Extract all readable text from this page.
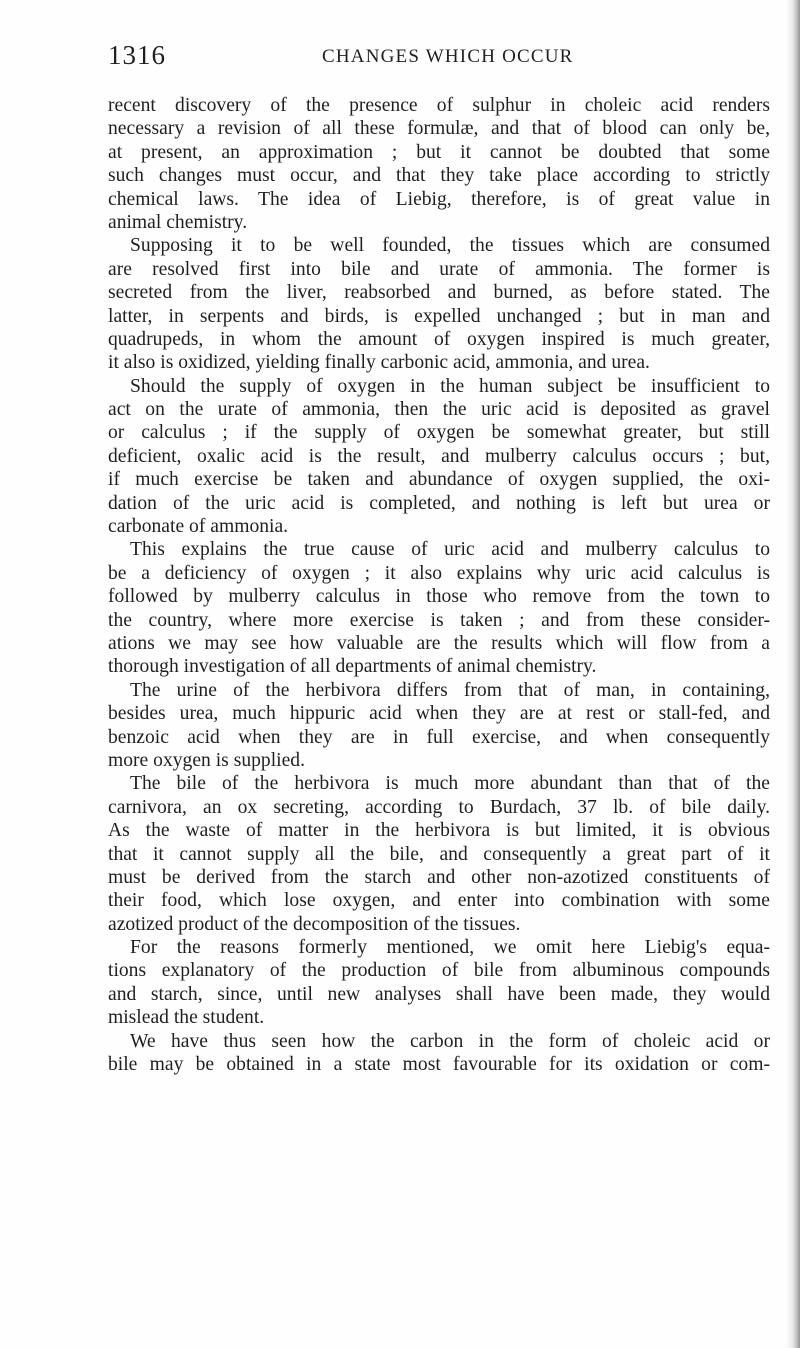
1316	CHANGES WHICH OCCUR
recent discovery of the presence of sulphur in choleic acid renders
necessary a revision of all these formulæ, and that of blood can only be,
at present, an approximation ; but it cannot be doubted that some
such changes must occur, and that they take place according to strictly
chemical laws. The idea of Liebig, therefore, is of great value in
animal chemistry.
Supposing it to be well founded, the tissues which are consumed
are resolved first into bile and urate of ammonia. The former is
secreted from the liver, reabsorbed and burned, as before stated. The
latter, in serpents and birds, is expelled unchanged ; but in man and
quadrupeds, in whom the amount of oxygen inspired is much greater,
it also is oxidized, yielding finally carbonic acid, ammonia, and urea.
Should the supply of oxygen in the human subject be insufficient to
act on the urate of ammonia, then the uric acid is deposited as gravel
or calculus ; if the supply of oxygen be somewhat greater, but still
deficient, oxalic acid is the result, and mulberry calculus occurs ; but,
if much exercise be taken and abundance of oxygen supplied, the oxi-
dation of the uric acid is completed, and nothing is left but urea or
carbonate of ammonia.
This explains the true cause of uric acid and mulberry calculus to
be a deficiency of oxygen ; it also explains why uric acid calculus is
followed by mulberry calculus in those who remove from the town to
the country, where more exercise is taken ; and from these consider-
ations we may see how valuable are the results which will flow from a
thorough investigation of all departments of animal chemistry.
The urine of the herbivora differs from that of man, in containing,
besides urea, much hippuric acid when they are at rest or stall-fed, and
benzoic acid when they are in full exercise, and when consequently
more oxygen is supplied.
The bile of the herbivora is much more abundant than that of the
carnivora, an ox secreting, according to Burdach, 37 lb. of bile daily.
As the waste of matter in the herbivora is but limited, it is obvious
that it cannot supply all the bile, and consequently a great part of it
must be derived from the starch and other non-azotized constituents of
their food, which lose oxygen, and enter into combination with some
azotized product of the decomposition of the tissues.
For the reasons formerly mentioned, we omit here Liebig's equa-
tions explanatory of the production of bile from albuminous compounds
and starch, since, until new analyses shall have been made, they would
mislead the student.
We have thus seen how the carbon in the form of choleic acid or
bile may be obtained in a state most favourable for its oxidation or com-
